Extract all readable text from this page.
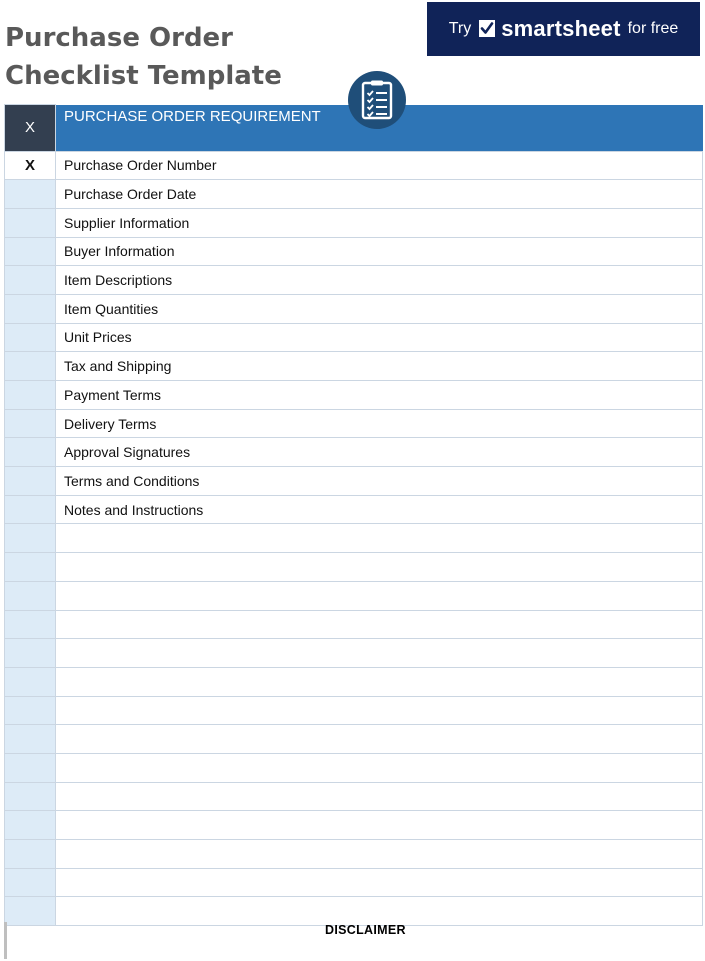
Purchase Order
Checklist Template
Try smartsheet for free
X	PURCHASE ORDER REQUIREMENT
X	Purchase Order Number
	Purchase Order Date
	Supplier Information
	Buyer Information
	Item Descriptions
	Item Quantities
	Unit Prices
	Tax and Shipping
	Payment Terms
	Delivery Terms
	Approval Signatures
	Terms and Conditions
	Notes and Instructions

DISCLAIMER
